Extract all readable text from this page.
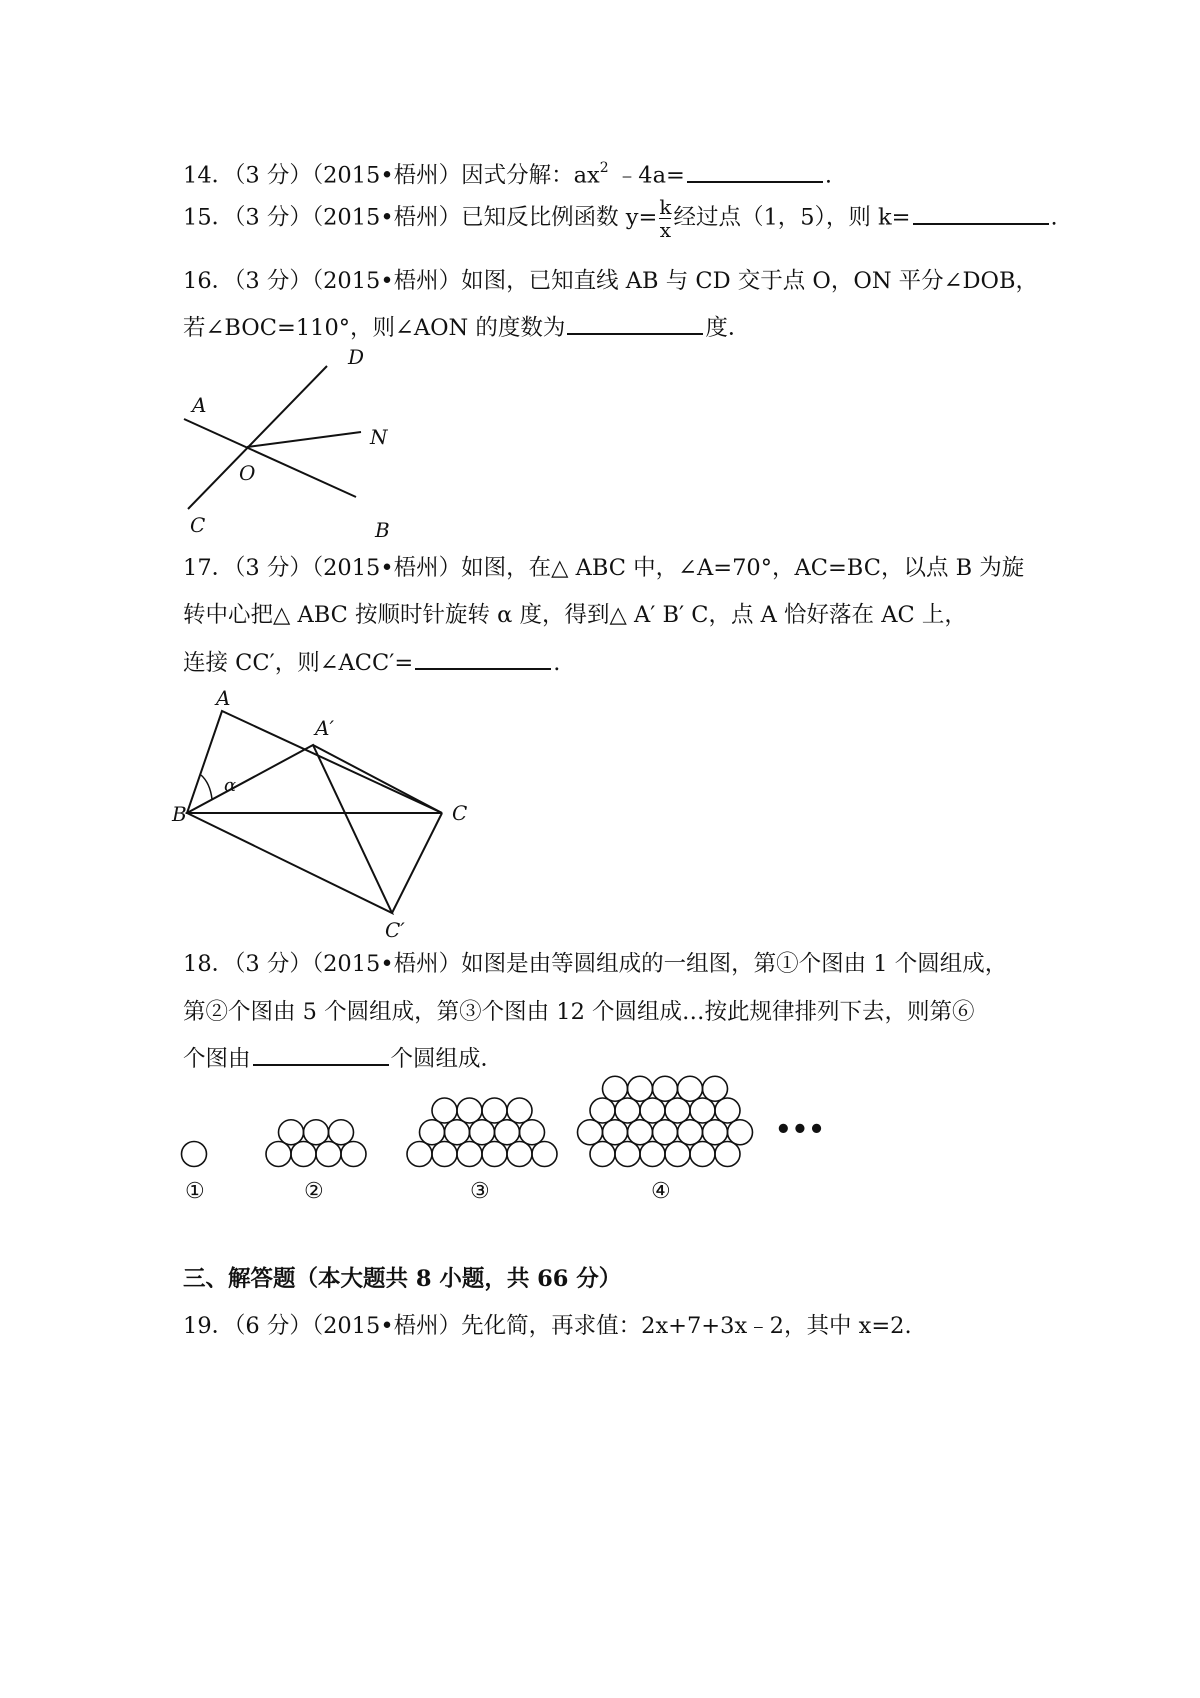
14．（3 分）（2015•梧州）因式分解：$ax^2$ ﹣4a=	.

15．（3 分）（2015•梧州）已知反比例函数 $y= \frac{k}{x}$ 经过点（1，5），则 k=	.

16．（3 分）（2015•梧州）如图，已知直线 AB 与 CD 交于点 O，ON 平分∠DOB，

若∠BOC=110°，则∠AON 的度数为	度．

D
A
N
O
C	B

17．（3 分）（2015•梧州）如图，在△ ABC 中，∠A=70°，AC=BC，以点 B 为旋

转中心把△ ABC 按顺时针旋转 α 度，得到△ A′ B′ C，点 A 恰好落在 AC 上，

连接 CC′，则∠ACC′=	.

A
A′
α
B	C
C′

18．（3 分）（2015•梧州）如图是由等圆组成的一组图，第①个图由 1 个圆组成，

第②个图由 5 个圆组成，第③个图由 12 个圆组成…按此规律排列下去，则第⑥

个图由	个圆组成．

•••
①	②	③	④

三、解答题（本大题共 8 小题，共 66 分）

19．（6 分）（2015•梧州）先化简，再求值：2x+7+3x﹣2，其中 x=2.
